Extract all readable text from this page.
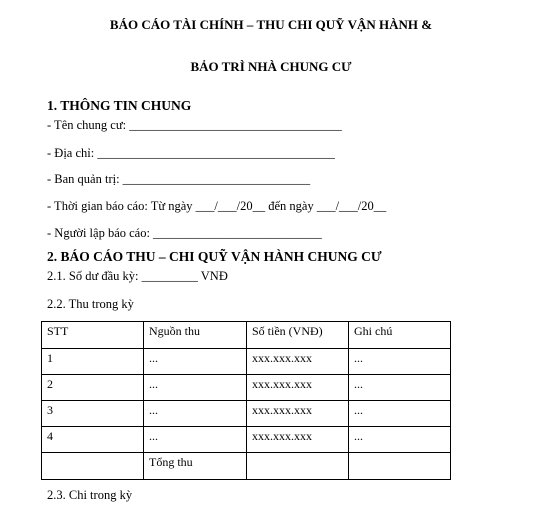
BÁO CÁO TÀI CHÍNH – THU CHI QUỸ VẬN HÀNH &
BẢO TRÌ NHÀ CHUNG CƯ
1. THÔNG TIN CHUNG
- Tên chung cư: __________________________________
- Địa chỉ: ______________________________________
- Ban quản trị: ______________________________
- Thời gian báo cáo: Từ ngày ___/___/20__ đến ngày ___/___/20__
- Người lập báo cáo: ___________________________
2. BÁO CÁO THU – CHI QUỸ VẬN HÀNH CHUNG CƯ
2.1. Số dư đầu kỳ: _________ VNĐ
2.2. Thu trong kỳ
STT	Nguồn thu	Số tiền (VNĐ)	Ghi chú
1	...	xxx.xxx.xxx	...
2	...	xxx.xxx.xxx	...
3	...	xxx.xxx.xxx	...
4	...	xxx.xxx.xxx	...
	Tổng thu		
2.3. Chi trong kỳ
